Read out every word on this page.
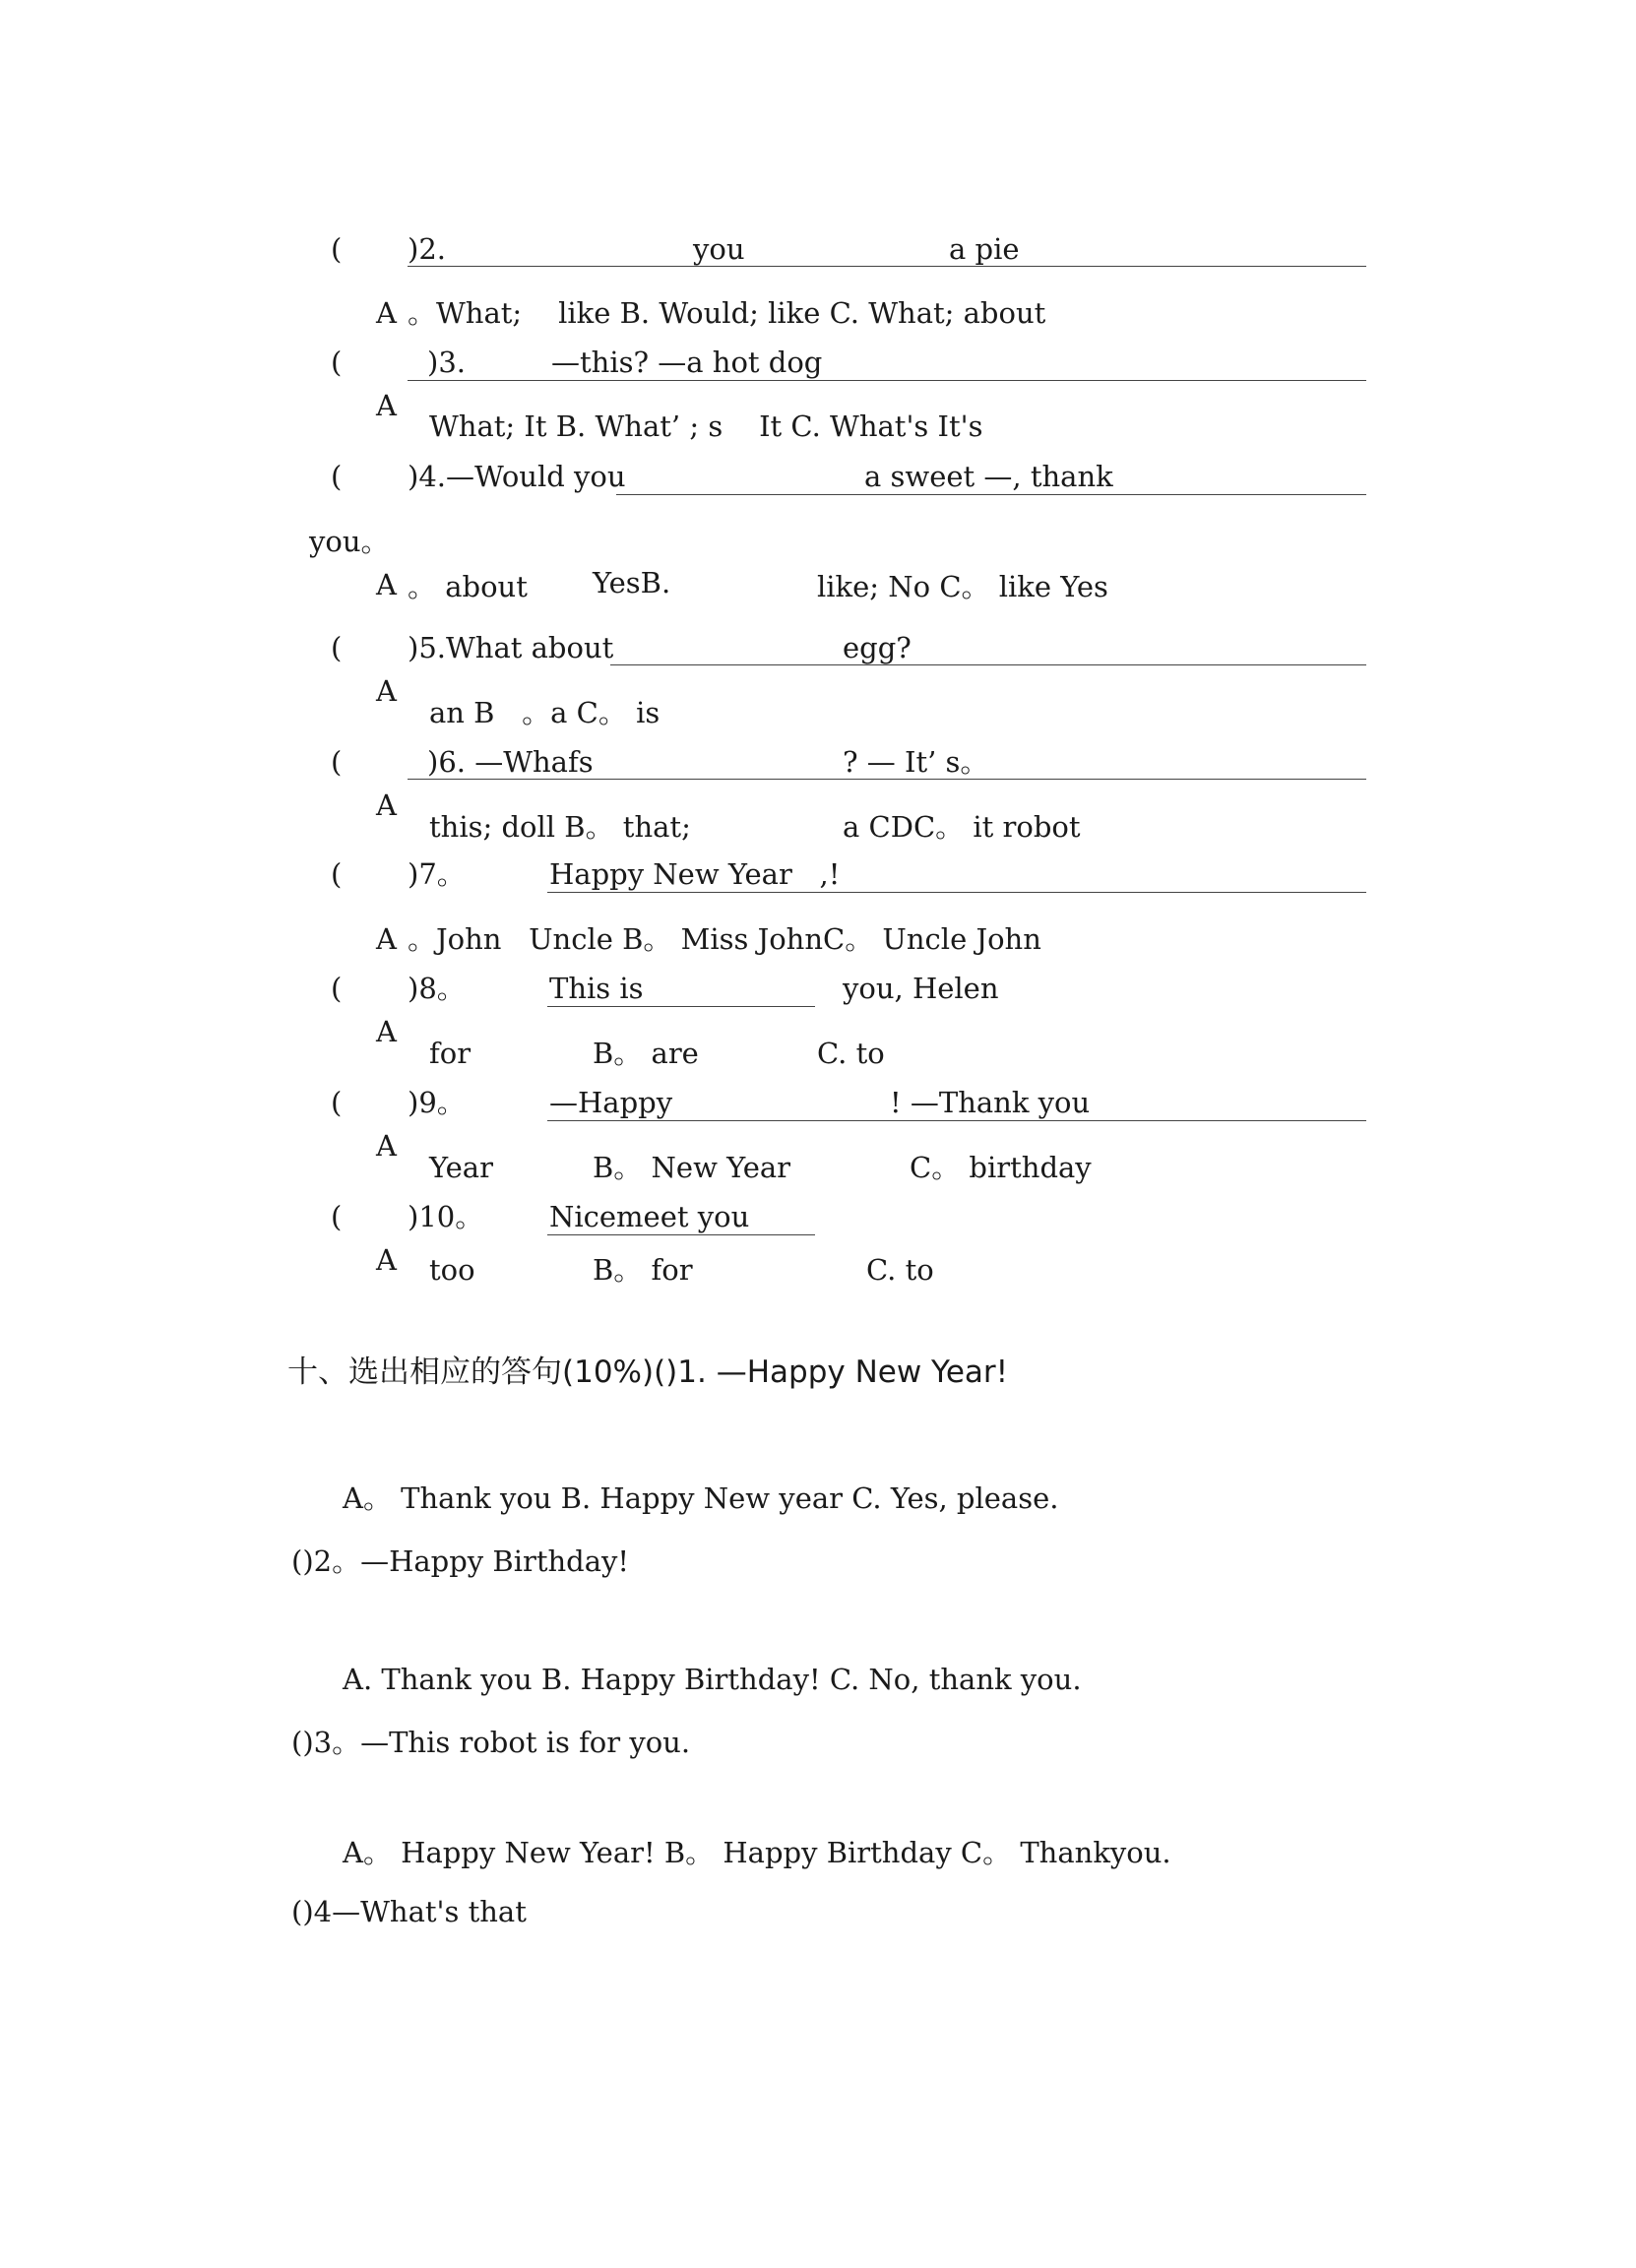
( )2.	you	a pie
A 。What;    like B. Would; like C. What; about
(	)3.	—this? —a hot dog
A
What; It B. What’ ; s    It C. What's It's
( )4.—Would you	a sweet —, thank
you。
A 。 about YesB.	like; No C。 like Yes
( )5.What about	egg?
A
an B   。a C。 is
(	)6. —Whafs	? — It’ s。
A
this; doll B。 that;	a CDC。 it robot
( )7。	Happy New Year   ,!
A 。John   Uncle B。 Miss JohnC。 Uncle John
( )8。	This is	you, Helen
A
for	B。 are	C. to
( )9。	—Happy	! —Thank you
A
Year	B。 New Year	C。 birthday
( )10。 Nicemeet you
A too	B。 for	C. to
十、选出相应的答句(10%)()1. —Happy New Year!
A。 Thank you B. Happy New year C. Yes, please.
()2。—Happy Birthday!
A. Thank you B. Happy Birthday! C. No, thank you.
()3。—This robot is for you.
A。 Happy New Year! B。 Happy Birthday C。 Thankyou.
()4—What's that
